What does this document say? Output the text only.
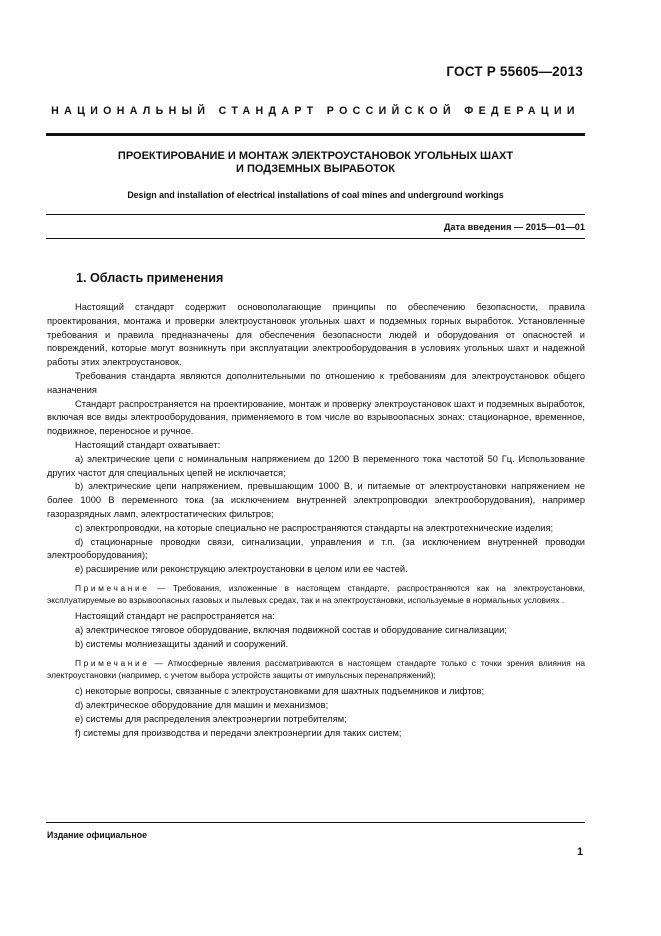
ГОСТ Р 55605—2013
НАЦИОНАЛЬНЫЙ СТАНДАРТ РОССИЙСКОЙ ФЕДЕРАЦИИ
ПРОЕКТИРОВАНИЕ И МОНТАЖ ЭЛЕКТРОУСТАНОВОК УГОЛЬНЫХ ШАХТ
И ПОДЗЕМНЫХ ВЫРАБОТОК
Design and installation of electrical installations of coal mines and underground workings
Дата введения — 2015—01—01
1. Область применения

Настоящий стандарт содержит основополагающие принципы по обеспечению безопасности, правила проектирования, монтажа и проверки электроустановок угольных шахт и подземных горных выработок. Установленные требования и правила предназначены для обеспечения безопасности людей и оборудования от опасностей и повреждений, которые могут возникнуть при эксплуатации электрооборудования в условиях угольных шахт и надежной работы этих электроустановок.

Требования стандарта являются дополнительными по отношению к требованиям для электроустановок общего назначения

Стандарт распространяется на проектирование, монтаж и проверку электроустановок шахт и подземных выработок, включая все виды электрооборудования, применяемого в том числе во взрывоопасных зонах: стационарное, временное, подвижное, переносное и ручное.

Настоящий стандарт охватывает:

a) электрические цепи с номинальным напряжением до 1200 В переменного тока частотой 50 Гц. Использование других частот для специальных цепей не исключается;

b) электрические цепи напряжением, превышающим 1000 В, и питаемые от электроустановки напряжением не более 1000 В переменного тока (за исключением внутренней электропроводки электрооборудования), например газоразрядных ламп, электростатических фильтров;

c) электропроводки, на которые специально не распространяются стандарты на электротехнические изделия;

d) стационарные проводки связи, сигнализации, управления и т.п. (за исключением внутренней проводки электрооборудования);

e) расширение или реконструкцию электроустановки в целом или ее частей.

Примечание — Требования, изложенные в настоящем стандарте, распространяются как на электроустановки, эксплуатируемые во взрывоопасных газовых и пылевых средах, так и на электроустановки, используемые в нормальных условиях .

Настоящий стандарт не распространяется на:

a) электрическое тяговое оборудование, включая подвижной состав и оборудование сигнализации;

b) системы молниезащиты зданий и сооружений.

Примечание — Атмосферные явления рассматриваются в настоящем стандарте только с точки зрения влияния на электроустановки (например, с учетом выбора устройств защиты от импульсных перенапряжений);

c) некоторые вопросы, связанные с электроустановками для шахтных подъемников и лифтов;

d) электрическое оборудование для машин и механизмов;

e) системы для распределения электроэнергии потребителям;

f) системы для производства и передачи электроэнергии для таких систем;

Издание официальное
1
